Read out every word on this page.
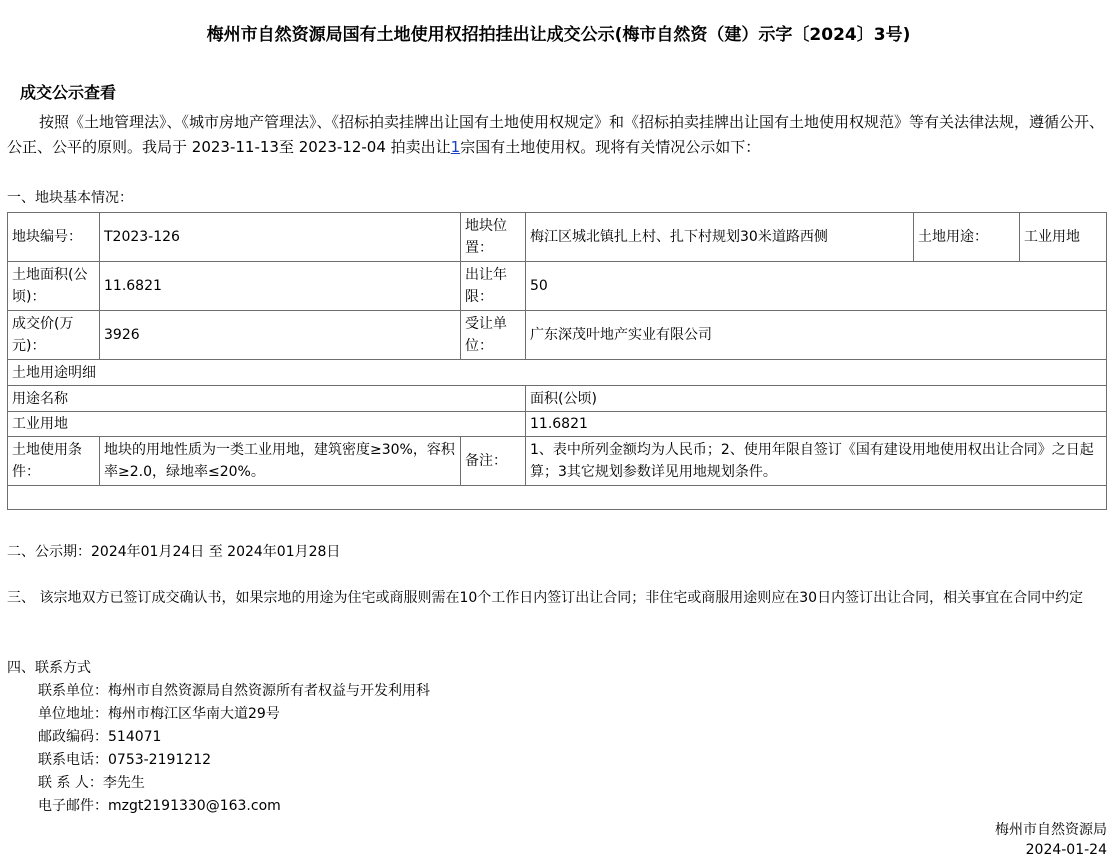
梅州市自然资源局国有土地使用权招拍挂出让成交公示(梅市自然资（建）示字〔2024〕3号)
成交公示查看
按照《土地管理法》、《城市房地产管理法》、《招标拍卖挂牌出让国有土地使用权规定》和《招标拍卖挂牌出让国有土地使用权规范》等有关法律法规，遵循公开、公正、公平的原则。我局于 2023-11-13至 2023-12-04 拍卖出让1宗国有土地使用权。现将有关情况公示如下：
一、地块基本情况：
地块编号：	T2023-126	地块位置：	梅江区城北镇扎上村、扎下村规划30米道路西侧	土地用途：	工业用地
土地面积(公顷)：	11.6821	出让年限：	50		
成交价(万元)：	3926	受让单位：	广东深茂叶地产实业有限公司		
土地用途明细					
用途名称			面积(公顷)		
工业用地			11.6821		
土地使用条件：	地块的用地性质为一类工业用地，建筑密度≥30%，容积率≥2.0，绿地率≤20%。	备注：	1、表中所列金额均为人民币；2、使用年限自签订《国有建设用地使用权出让合同》之日起算；3其它规划参数详见用地规划条件。		

二、公示期：2024年01月24日 至 2024年01月28日
三、 该宗地双方已签订成交确认书，如果宗地的用途为住宅或商服则需在10个工作日内签订出让合同；非住宅或商服用途则应在30日内签订出让合同，相关事宜在合同中约定
四、联系方式
联系单位：梅州市自然资源局自然资源所有者权益与开发利用科
单位地址：梅州市梅江区华南大道29号
邮政编码：514071
联系电话：0753-2191212
联 系 人：李先生
电子邮件：mzgt2191330@163.com
梅州市自然资源局
2024-01-24
